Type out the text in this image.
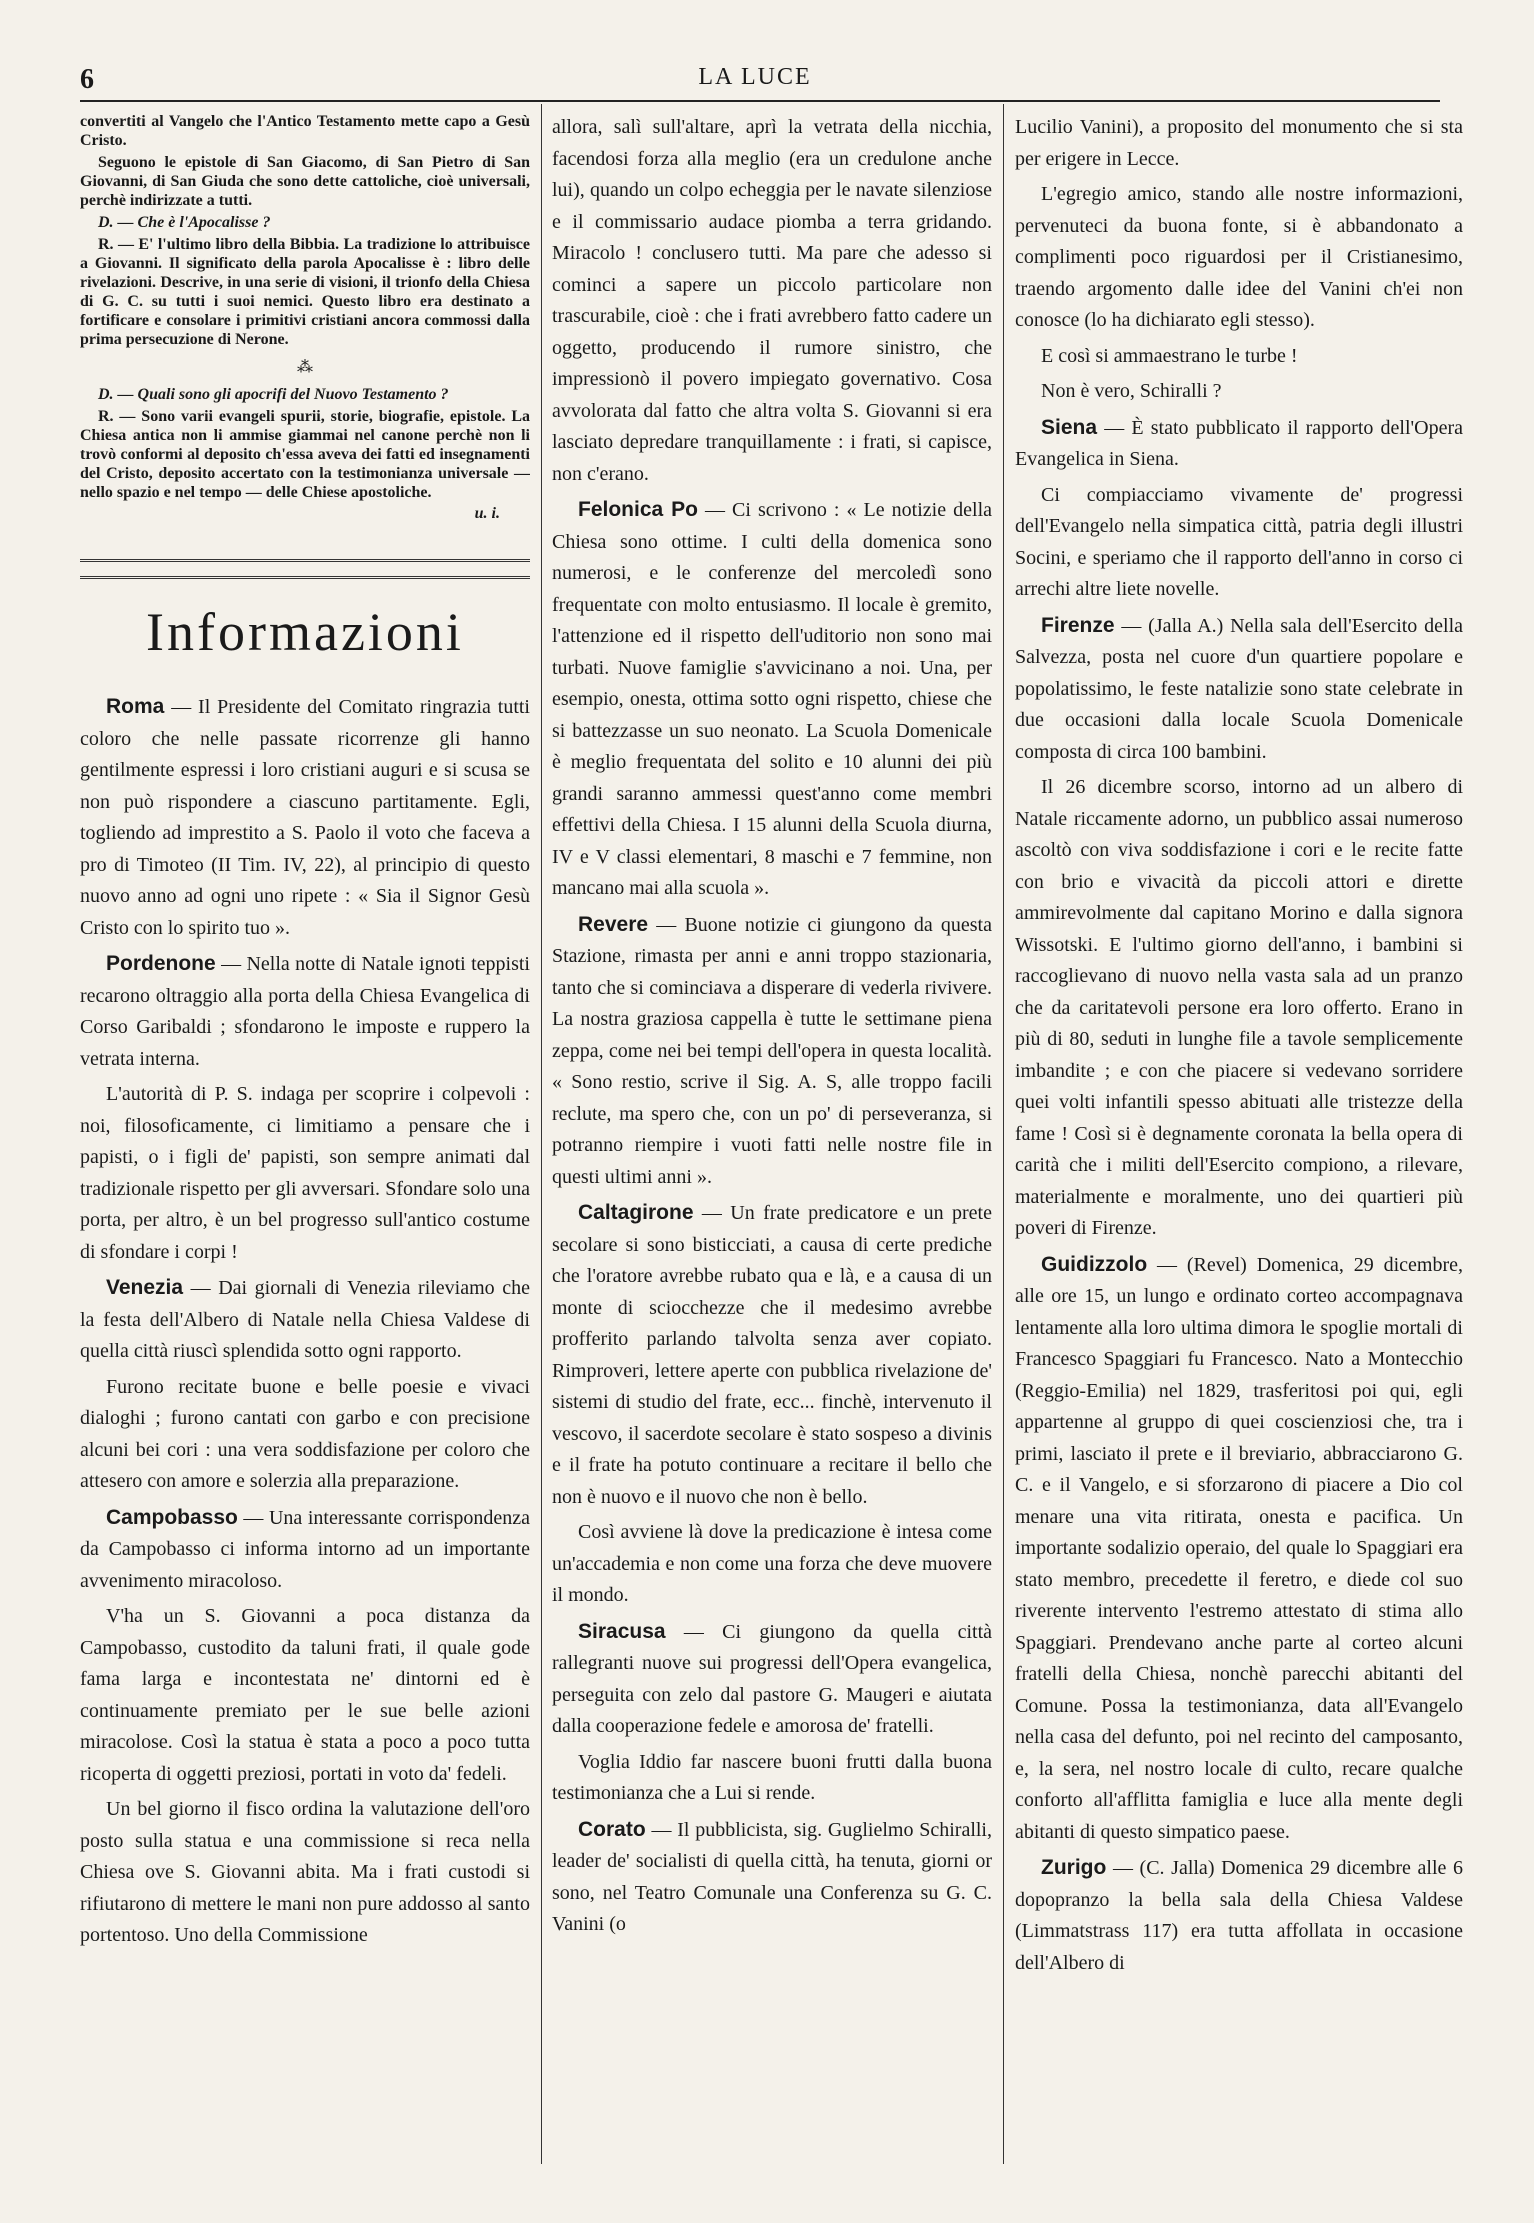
6	LA LUCE
convertiti al Vangelo che l'Antico Testamento mette capo a Gesù Cristo.
Seguono le epistole di San Giacomo, di San Pietro di San Giovanni, di San Giuda che sono dette cattoliche, cioè universali, perchè indirizzate a tutti.
D. — Che è l'Apocalisse ?
R. — E' l'ultimo libro della Bibbia. La tradizione lo attribuisce a Giovanni. Il significato della parola Apocalisse è : libro delle rivelazioni. Descrive, in una serie di visioni, il trionfo della Chiesa di G. C. su tutti i suoi nemici. Questo libro era destinato a fortificare e consolare i primitivi cristiani ancora commossi dalla prima persecuzione di Nerone.
⁂
D. — Quali sono gli apocrifi del Nuovo Testamento ?
R. — Sono varii evangeli spurii, storie, biografie, epistole. La Chiesa antica non li ammise giammai nel canone perchè non li trovò conformi al deposito ch'essa aveva dei fatti ed insegnamenti del Cristo, deposito accertato con la testimonianza universale — nello spazio e nel tempo — delle Chiese apostoliche.
u. i.
Informazioni

Roma — Il Presidente del Comitato ringrazia tutti coloro che nelle passate ricorrenze gli hanno gentilmente espressi i loro cristiani auguri e si scusa se non può rispondere a ciascuno partitamente. Egli, togliendo ad imprestito a S. Paolo il voto che faceva a pro di Timoteo (II Tim. IV, 22), al principio di questo nuovo anno ad ogni uno ripete : « Sia il Signor Gesù Cristo con lo spirito tuo ».

Pordenone — Nella notte di Natale ignoti teppisti recarono oltraggio alla porta della Chiesa Evangelica di Corso Garibaldi ; sfondarono le imposte e ruppero la vetrata interna.

L'autorità di P. S. indaga per scoprire i colpevoli : noi, filosoficamente, ci limitiamo a pensare che i papisti, o i figli de' papisti, son sempre animati dal tradizionale rispetto per gli avversari. Sfondare solo una porta, per altro, è un bel progresso sull'antico costume di sfondare i corpi !

Venezia — Dai giornali di Venezia rileviamo che la festa dell'Albero di Natale nella Chiesa Valdese di quella città riuscì splendida sotto ogni rapporto.

Furono recitate buone e belle poesie e vivaci dialoghi ; furono cantati con garbo e con precisione alcuni bei cori : una vera soddisfazione per coloro che attesero con amore e solerzia alla preparazione.

Campobasso — Una interessante corrispondenza da Campobasso ci informa intorno ad un importante avvenimento miracoloso.

V'ha un S. Giovanni a poca distanza da Campobasso, custodito da taluni frati, il quale gode fama larga e incontestata ne' dintorni ed è continuamente premiato per le sue belle azioni miracolose. Così la statua è stata a poco a poco tutta ricoperta di oggetti preziosi, portati in voto da' fedeli.

Un bel giorno il fisco ordina la valutazione dell'oro posto sulla statua e una commissione si reca nella Chiesa ove S. Giovanni abita. Ma i frati custodi si rifiutarono di mettere le mani non pure addosso al santo portentoso. Uno della Commissione

allora, salì sull'altare, aprì la vetrata della nicchia, facendosi forza alla meglio (era un credulone anche lui), quando un colpo echeggia per le navate silenziose e il commissario audace piomba a terra gridando. Miracolo ! conclusero tutti. Ma pare che adesso si cominci a sapere un piccolo particolare non trascurabile, cioè : che i frati avrebbero fatto cadere un oggetto, producendo il rumore sinistro, che impressionò il povero impiegato governativo. Cosa avvolorata dal fatto che altra volta S. Giovanni si era lasciato depredare tranquillamente : i frati, si capisce, non c'erano.

Felonica Po — Ci scrivono : « Le notizie della Chiesa sono ottime. I culti della domenica sono numerosi, e le conferenze del mercoledì sono frequentate con molto entusiasmo. Il locale è gremito, l'attenzione ed il rispetto dell'uditorio non sono mai turbati. Nuove famiglie s'avvicinano a noi. Una, per esempio, onesta, ottima sotto ogni rispetto, chiese che si battezzasse un suo neonato. La Scuola Domenicale è meglio frequentata del solito e 10 alunni dei più grandi saranno ammessi quest'anno come membri effettivi della Chiesa. I 15 alunni della Scuola diurna, IV e V classi elementari, 8 maschi e 7 femmine, non mancano mai alla scuola ».

Revere — Buone notizie ci giungono da questa Stazione, rimasta per anni e anni troppo stazionaria, tanto che si cominciava a disperare di vederla rivivere. La nostra graziosa cappella è tutte le settimane piena zeppa, come nei bei tempi dell'opera in questa località. « Sono restio, scrive il Sig. A. S, alle troppo facili reclute, ma spero che, con un po' di perseveranza, si potranno riempire i vuoti fatti nelle nostre file in questi ultimi anni ».

Caltagirone — Un frate predicatore e un prete secolare si sono bisticciati, a causa di certe prediche che l'oratore avrebbe rubato qua e là, e a causa di un monte di sciocchezze che il medesimo avrebbe profferito parlando talvolta senza aver copiato. Rimproveri, lettere aperte con pubblica rivelazione de' sistemi di studio del frate, ecc... finchè, intervenuto il vescovo, il sacerdote secolare è stato sospeso a divinis e il frate ha potuto continuare a recitare il bello che non è nuovo e il nuovo che non è bello.

Così avviene là dove la predicazione è intesa come un'accademia e non come una forza che deve muovere il mondo.

Siracusa — Ci giungono da quella città rallegranti nuove sui progressi dell'Opera evangelica, perseguita con zelo dal pastore G. Maugeri e aiutata dalla cooperazione fedele e amorosa de' fratelli.

Voglia Iddio far nascere buoni frutti dalla buona testimonianza che a Lui si rende.

Corato — Il pubblicista, sig. Guglielmo Schiralli, leader de' socialisti di quella città, ha tenuta, giorni or sono, nel Teatro Comunale una Conferenza su G. C. Vanini (o

Lucilio Vanini), a proposito del monumento che si sta per erigere in Lecce.

L'egregio amico, stando alle nostre informazioni, pervenuteci da buona fonte, si è abbandonato a complimenti poco riguardosi per il Cristianesimo, traendo argomento dalle idee del Vanini ch'ei non conosce (lo ha dichiarato egli stesso).

E così si ammaestrano le turbe !

Non è vero, Schiralli ?

Siena — È stato pubblicato il rapporto dell'Opera Evangelica in Siena.

Ci compiacciamo vivamente de' progressi dell'Evangelo nella simpatica città, patria degli illustri Socini, e speriamo che il rapporto dell'anno in corso ci arrechi altre liete novelle.

Firenze — (Jalla A.) Nella sala dell'Esercito della Salvezza, posta nel cuore d'un quartiere popolare e popolatissimo, le feste natalizie sono state celebrate in due occasioni dalla locale Scuola Domenicale composta di circa 100 bambini.

Il 26 dicembre scorso, intorno ad un albero di Natale riccamente adorno, un pubblico assai numeroso ascoltò con viva soddisfazione i cori e le recite fatte con brio e vivacità da piccoli attori e dirette ammirevolmente dal capitano Morino e dalla signora Wissotski. E l'ultimo giorno dell'anno, i bambini si raccoglievano di nuovo nella vasta sala ad un pranzo che da caritatevoli persone era loro offerto. Erano in più di 80, seduti in lunghe file a tavole semplicemente imbandite ; e con che piacere si vedevano sorridere quei volti infantili spesso abituati alle tristezze della fame ! Così si è degnamente coronata la bella opera di carità che i militi dell'Esercito compiono, a rilevare, materialmente e moralmente, uno dei quartieri più poveri di Firenze.

Guidizzolo — (Revel) Domenica, 29 dicembre, alle ore 15, un lungo e ordinato corteo accompagnava lentamente alla loro ultima dimora le spoglie mortali di Francesco Spaggiari fu Francesco. Nato a Montecchio (Reggio-Emilia) nel 1829, trasferitosi poi qui, egli appartenne al gruppo di quei coscienziosi che, tra i primi, lasciato il prete e il breviario, abbracciarono G. C. e il Vangelo, e si sforzarono di piacere a Dio col menare una vita ritirata, onesta e pacifica. Un importante sodalizio operaio, del quale lo Spaggiari era stato membro, precedette il feretro, e diede col suo riverente intervento l'estremo attestato di stima allo Spaggiari. Prendevano anche parte al corteo alcuni fratelli della Chiesa, nonchè parecchi abitanti del Comune. Possa la testimonianza, data all'Evangelo nella casa del defunto, poi nel recinto del camposanto, e, la sera, nel nostro locale di culto, recare qualche conforto all'afflitta famiglia e luce alla mente degli abitanti di questo simpatico paese.

Zurigo — (C. Jalla) Domenica 29 dicembre alle 6 dopopranzo la bella sala della Chiesa Valdese (Limmatstrass 117) era tutta affollata in occasione dell'Albero di
